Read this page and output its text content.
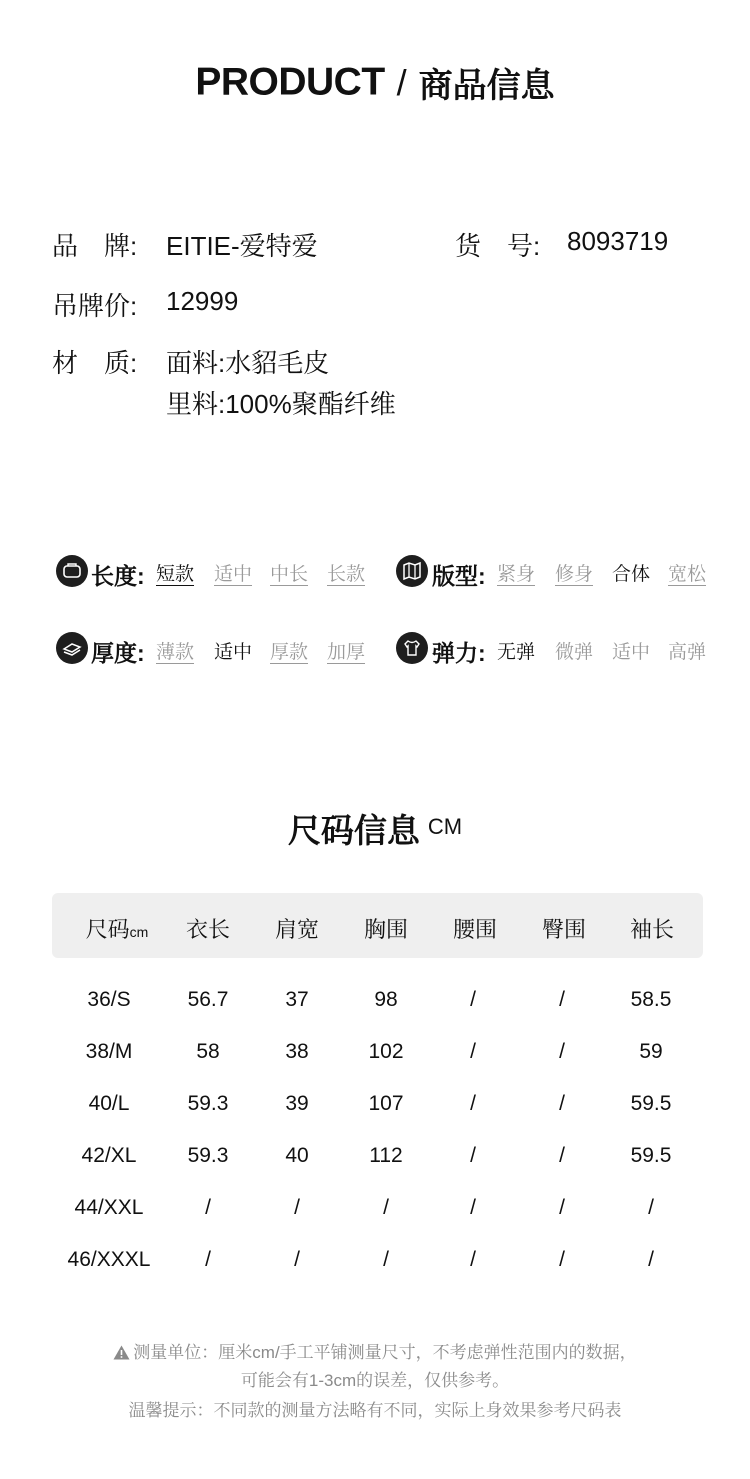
PRODUCT / 商品信息
品　牌: EITIE-爱特爱	货　号: 8093719
吊牌价: 12999
材　质: 面料:水貂毛皮
里料:100%聚酯纤维
长度: 短款 适中 中长 长款	版型: 紧身 修身 合体 宽松
厚度: 薄款 适中 厚款 加厚	弹力: 无弹 微弹 适中 高弹
尺码信息 CM
尺码cm	衣长	肩宽	胸围	腰围	臀围	袖长
36/S	56.7	37	98	/	/	58.5
38/M	58	38	102	/	/	59
40/L	59.3	39	107	/	/	59.5
42/XL	59.3	40	112	/	/	59.5
44/XXL	/	/	/	/	/	/
46/XXXL	/	/	/	/	/	/
测量单位：厘米cm/手工平铺测量尺寸，不考虑弹性范围内的数据，
可能会有1-3cm的误差，仅供参考。
温馨提示：不同款的测量方法略有不同，实际上身效果参考尺码表
